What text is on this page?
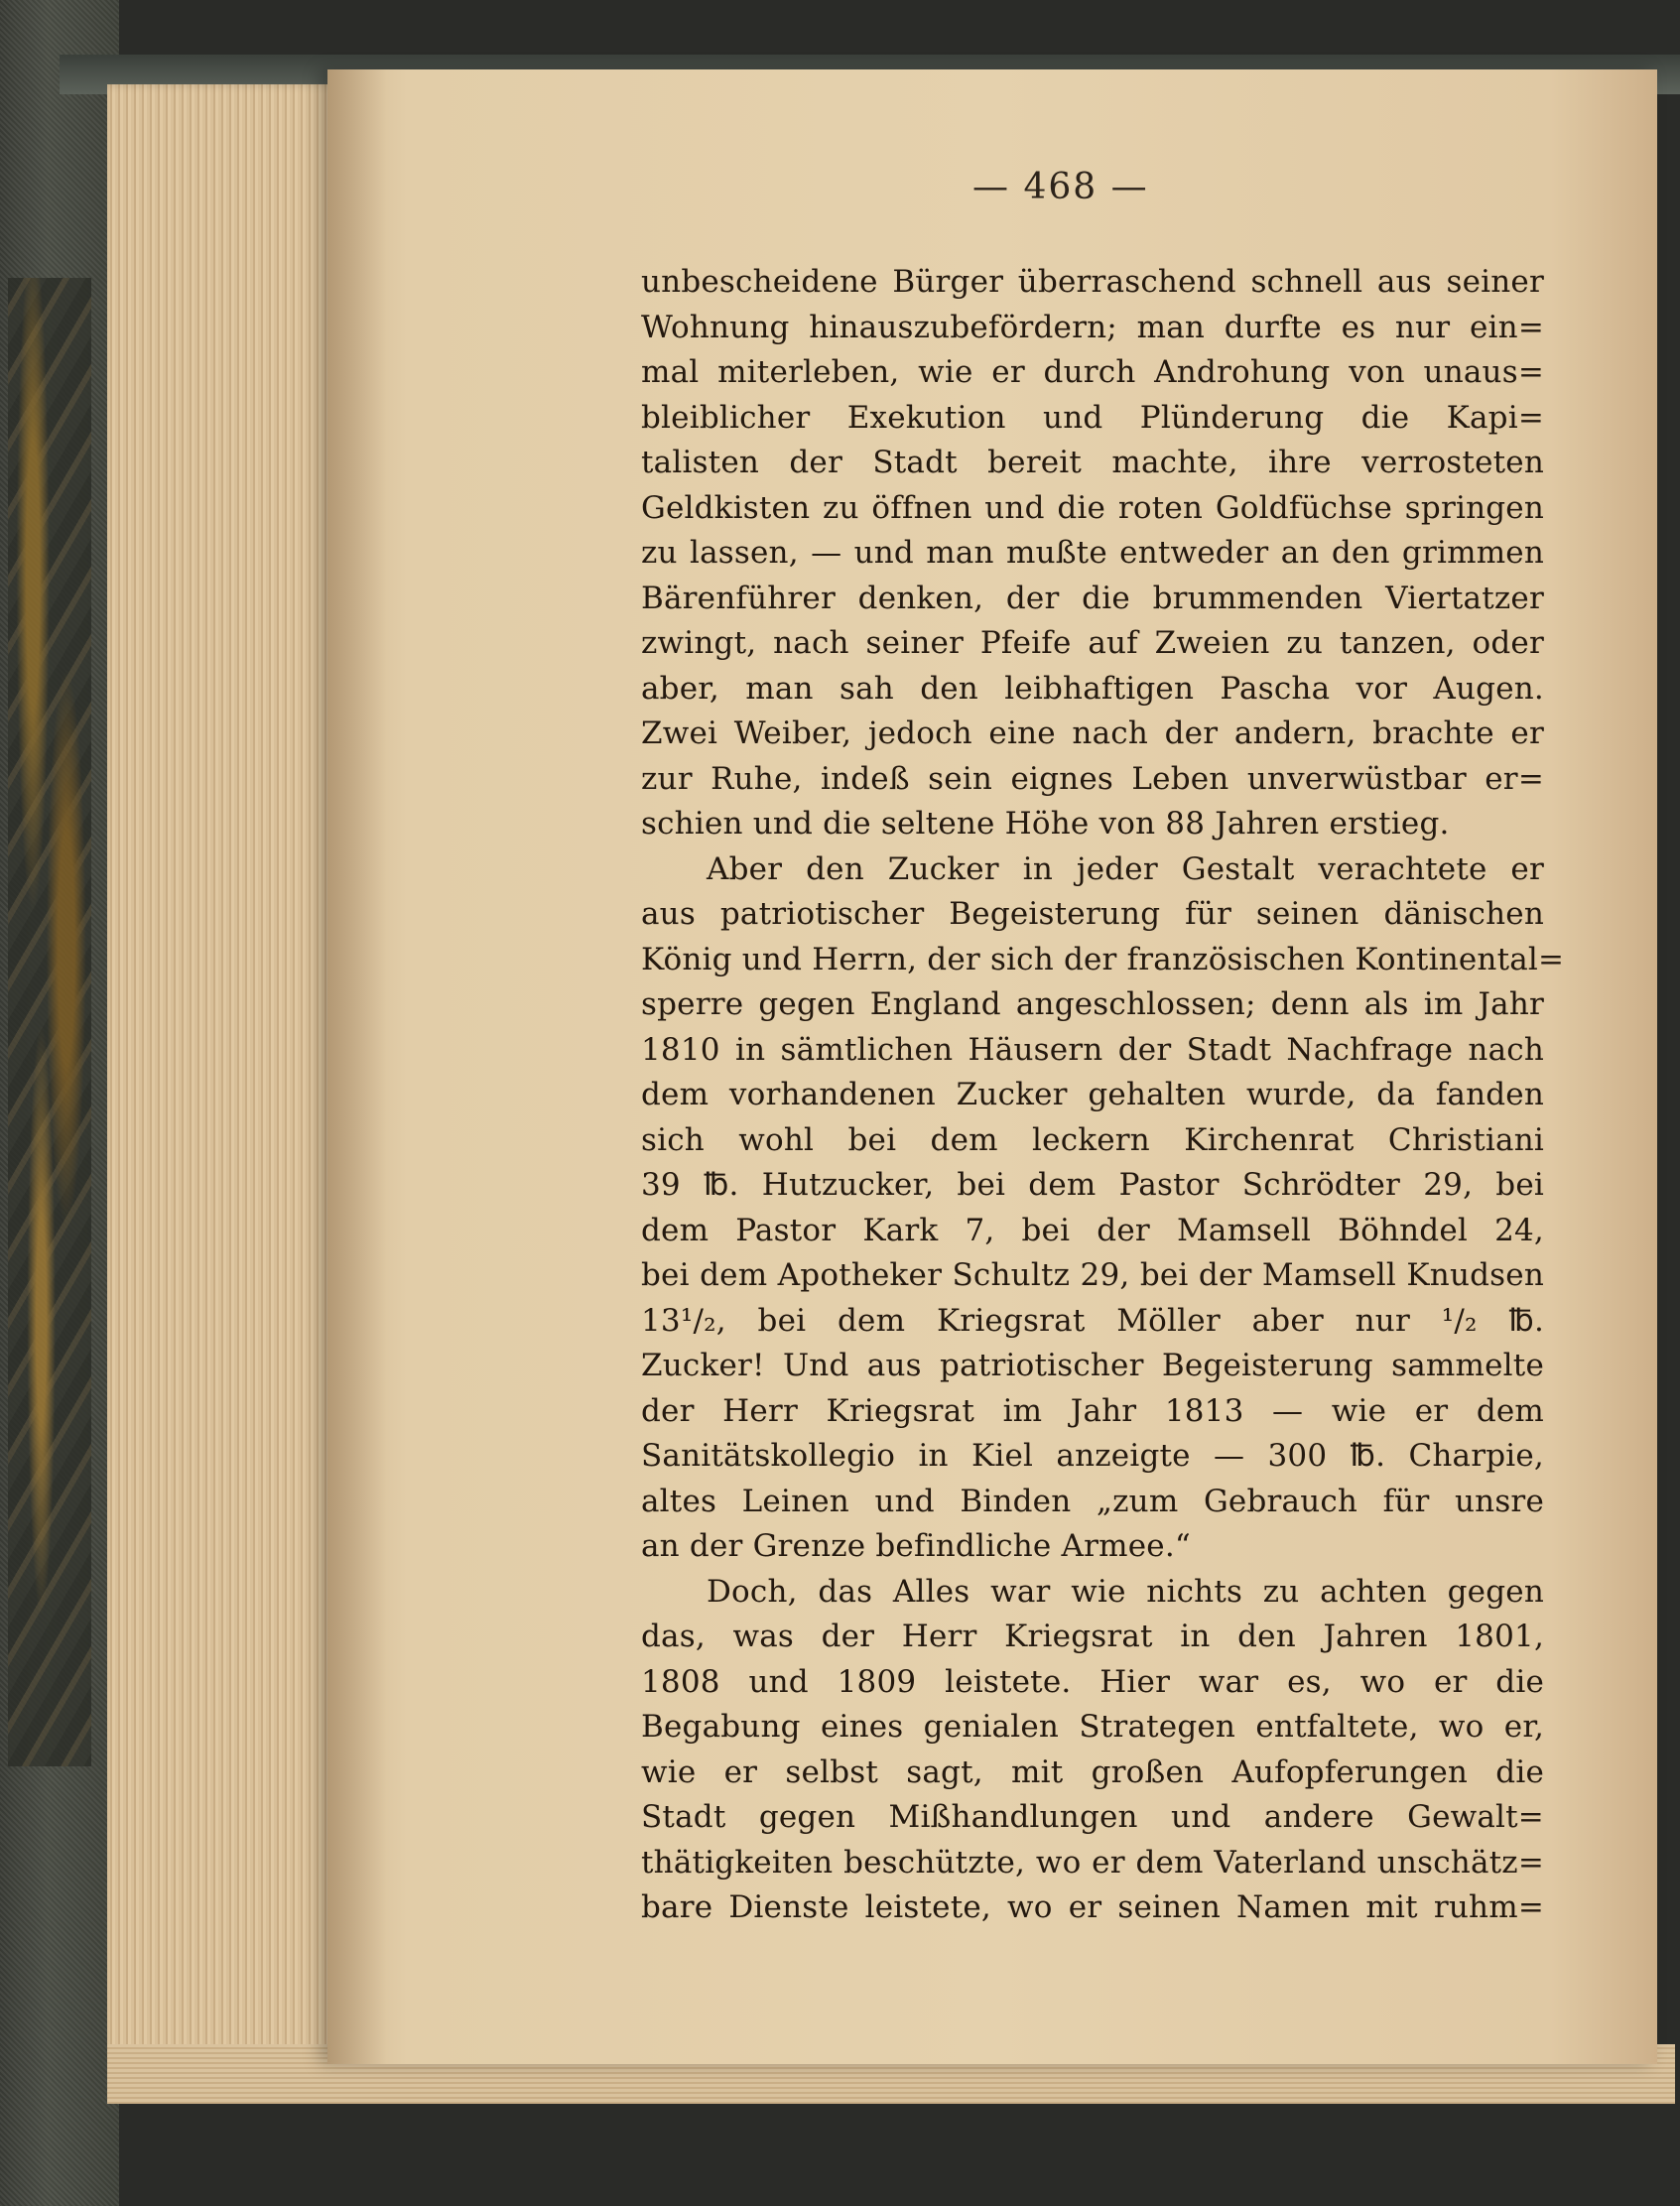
— 468 —
unbescheidene Bürger überraschend schnell aus seiner
Wohnung hinauszubefördern; man durfte es nur ein=
mal miterleben, wie er durch Androhung von unaus=
bleiblicher Exekution und Plünderung die Kapi=
talisten der Stadt bereit machte, ihre verrosteten
Geldkisten zu öffnen und die roten Goldfüchse springen
zu lassen, — und man mußte entweder an den grimmen
Bärenführer denken, der die brummenden Viertatzer
zwingt, nach seiner Pfeife auf Zweien zu tanzen, oder
aber, man sah den leibhaftigen Pascha vor Augen.
Zwei Weiber, jedoch eine nach der andern, brachte er
zur Ruhe, indeß sein eignes Leben unverwüstbar er=
schien und die seltene Höhe von 88 Jahren erstieg.
Aber den Zucker in jeder Gestalt verachtete er
aus patriotischer Begeisterung für seinen dänischen
König und Herrn, der sich der französischen Kontinental=
sperre gegen England angeschlossen; denn als im Jahr
1810 in sämtlichen Häusern der Stadt Nachfrage nach
dem vorhandenen Zucker gehalten wurde, da fanden
sich wohl bei dem leckern Kirchenrat Christiani
39 ℔. Hutzucker, bei dem Pastor Schrödter 29, bei
dem Pastor Kark 7, bei der Mamsell Böhndel 24,
bei dem Apotheker Schultz 29, bei der Mamsell Knudsen
13¹/₂, bei dem Kriegsrat Möller aber nur ¹/₂ ℔.
Zucker! Und aus patriotischer Begeisterung sammelte
der Herr Kriegsrat im Jahr 1813 — wie er dem
Sanitätskollegio in Kiel anzeigte — 300 ℔. Charpie,
altes Leinen und Binden „zum Gebrauch für unsre
an der Grenze befindliche Armee.“
Doch, das Alles war wie nichts zu achten gegen
das, was der Herr Kriegsrat in den Jahren 1801,
1808 und 1809 leistete. Hier war es, wo er die
Begabung eines genialen Strategen entfaltete, wo er,
wie er selbst sagt, mit großen Aufopferungen die
Stadt gegen Mißhandlungen und andere Gewalt=
thätigkeiten beschützte, wo er dem Vaterland unschätz=
bare Dienste leistete, wo er seinen Namen mit ruhm=
